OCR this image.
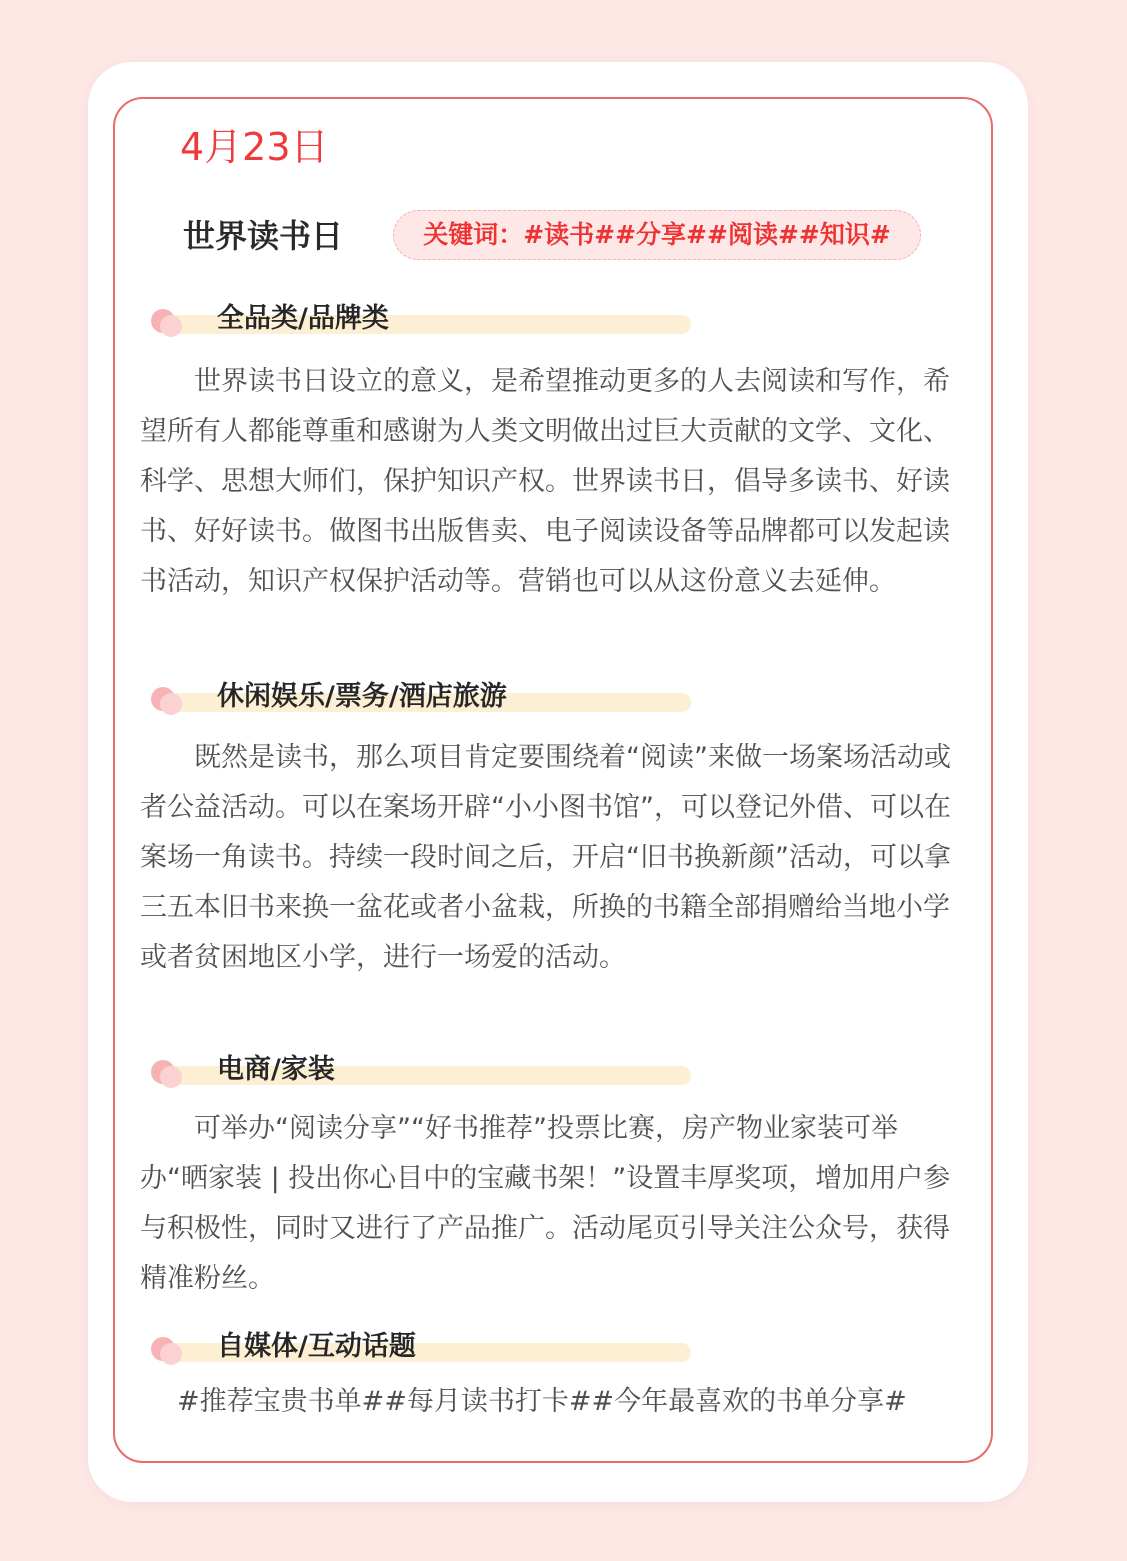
4月23日

世界读书日	关键词：#读书##分享##阅读##知识#
全品类/品牌类

世界读书日设立的意义，是希望推动更多的人去阅读和写作，希望所有人都能尊重和感谢为人类文明做出过巨大贡献的文学、文化、科学、思想大师们，保护知识产权。世界读书日，倡导多读书、好读书、好好读书。做图书出版售卖、电子阅读设备等品牌都可以发起读书活动，知识产权保护活动等。营销也可以从这份意义去延伸。

休闲娱乐/票务/酒店旅游

既然是读书，那么项目肯定要围绕着“阅读”来做一场案场活动或者公益活动。可以在案场开辟“小小图书馆”，可以登记外借、可以在案场一角读书。持续一段时间之后，开启“旧书换新颜”活动，可以拿三五本旧书来换一盆花或者小盆栽，所换的书籍全部捐赠给当地小学或者贫困地区小学，进行一场爱的活动。

电商/家装

可举办“阅读分享”“好书推荐”投票比赛，房产物业家装可举办“晒家装 | 投出你心目中的宝藏书架！”设置丰厚奖项，增加用户参与积极性，同时又进行了产品推广。活动尾页引导关注公众号，获得精准粉丝。

自媒体/互动话题

#推荐宝贵书单##每月读书打卡##今年最喜欢的书单分享#
